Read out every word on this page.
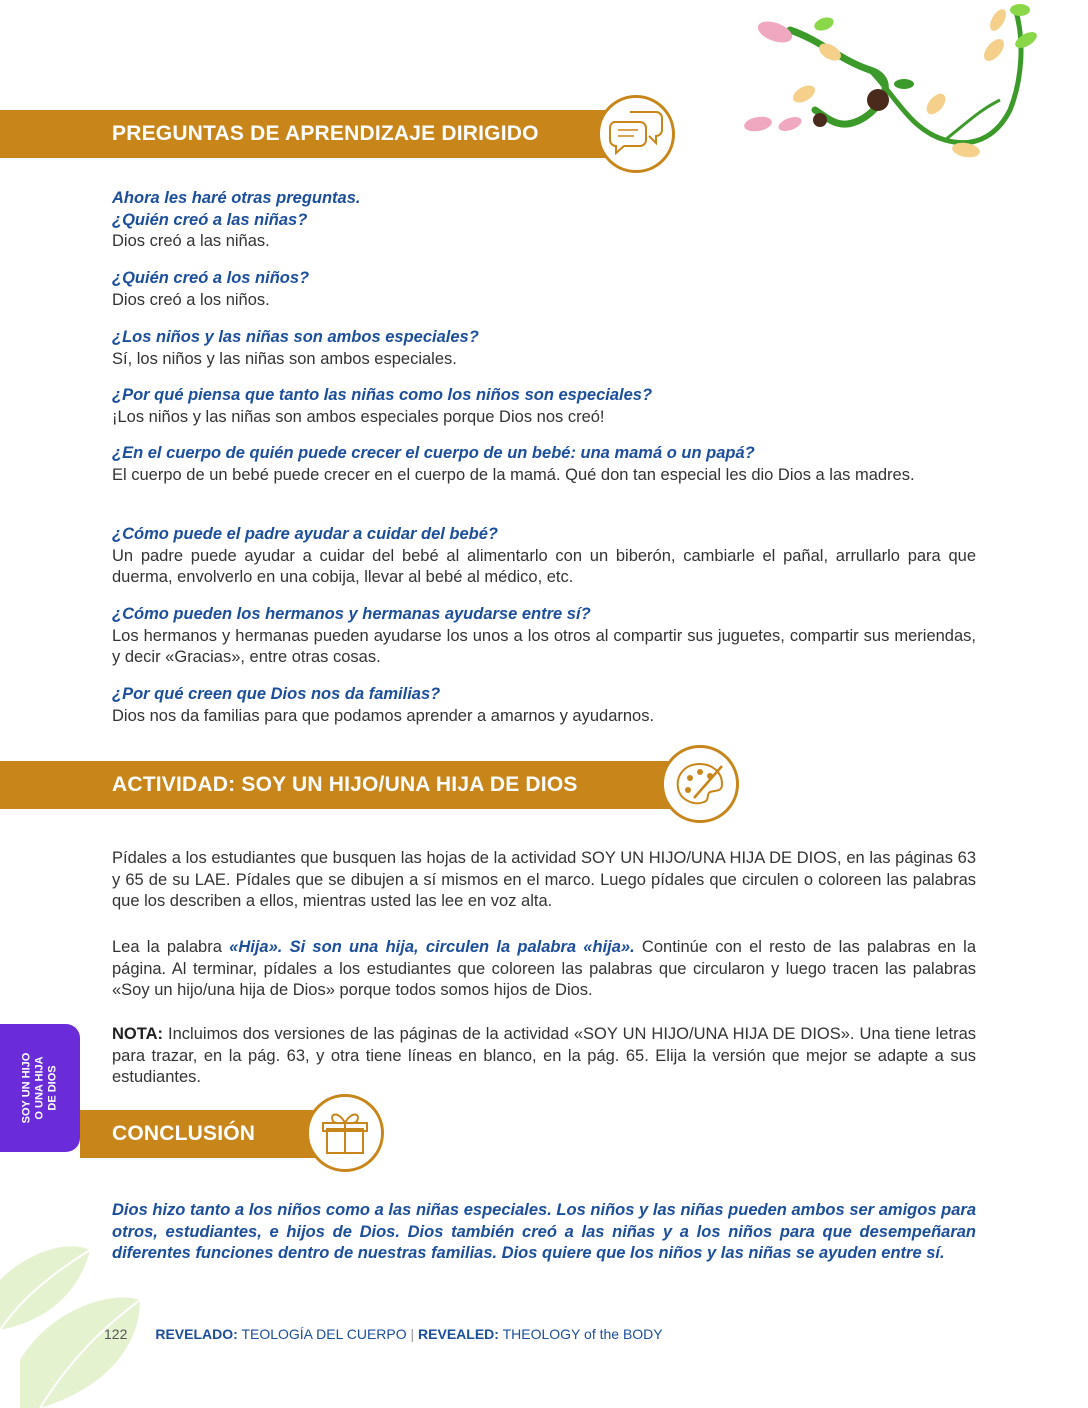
PREGUNTAS DE APRENDIZAJE DIRIGIDO
Ahora les haré otras preguntas.
¿Quién creó a las niñas?
Dios creó a las niñas.
¿Quién creó a los niños?
Dios creó a los niños.
¿Los niños y las niñas son ambos especiales?
Sí, los niños y las niñas son ambos especiales.
¿Por qué piensa que tanto las niñas como los niños son especiales?
¡Los niños y las niñas son ambos especiales porque Dios nos creó!
¿En el cuerpo de quién puede crecer el cuerpo de un bebé: una mamá o un papá?
El cuerpo de un bebé puede crecer en el cuerpo de la mamá. Qué don tan especial les dio Dios a las madres.
¿Cómo puede el padre ayudar a cuidar del bebé?
Un padre puede ayudar a cuidar del bebé al alimentarlo con un biberón, cambiarle el pañal, arrullarlo para que duerma, envolverlo en una cobija, llevar al bebé al médico, etc.
¿Cómo pueden los hermanos y hermanas ayudarse entre sí?
Los hermanos y hermanas pueden ayudarse los unos a los otros al compartir sus juguetes, compartir sus meriendas, y decir «Gracias», entre otras cosas.
¿Por qué creen que Dios nos da familias?
Dios nos da familias para que podamos aprender a amarnos y ayudarnos.
ACTIVIDAD: SOY UN HIJO/UNA HIJA DE DIOS
Pídales a los estudiantes que busquen las hojas de la actividad SOY UN HIJO/UNA HIJA DE DIOS, en las páginas 63 y 65 de su LAE. Pídales que se dibujen a sí mismos en el marco. Luego pídales que circulen o coloreen las palabras que los describen a ellos, mientras usted las lee en voz alta.
Lea la palabra «Hija». Si son una hija, circulen la palabra «hija». Continúe con el resto de las palabras en la página. Al terminar, pídales a los estudiantes que coloreen las palabras que circularon y luego tracen las palabras «Soy un hijo/una hija de Dios» porque todos somos hijos de Dios.
NOTA: Incluimos dos versiones de las páginas de la actividad «SOY UN HIJO/UNA HIJA DE DIOS». Una tiene letras para trazar, en la pág. 63, y otra tiene líneas en blanco, en la pág. 65. Elija la versión que mejor se adapte a sus estudiantes.
SOY UN HIJO O UNA HIJA DE DIOS
CONCLUSIÓN
Dios hizo tanto a los niños como a las niñas especiales. Los niños y las niñas pueden ambos ser amigos para otros, estudiantes, e hijos de Dios. Dios también creó a las niñas y a los niños para que desempeñaran diferentes funciones dentro de nuestras familias. Dios quiere que los niños y las niñas se ayuden entre sí.
122 REVELADO: TEOLOGÍA DEL CUERPO | REVEALED: THEOLOGY of the BODY
